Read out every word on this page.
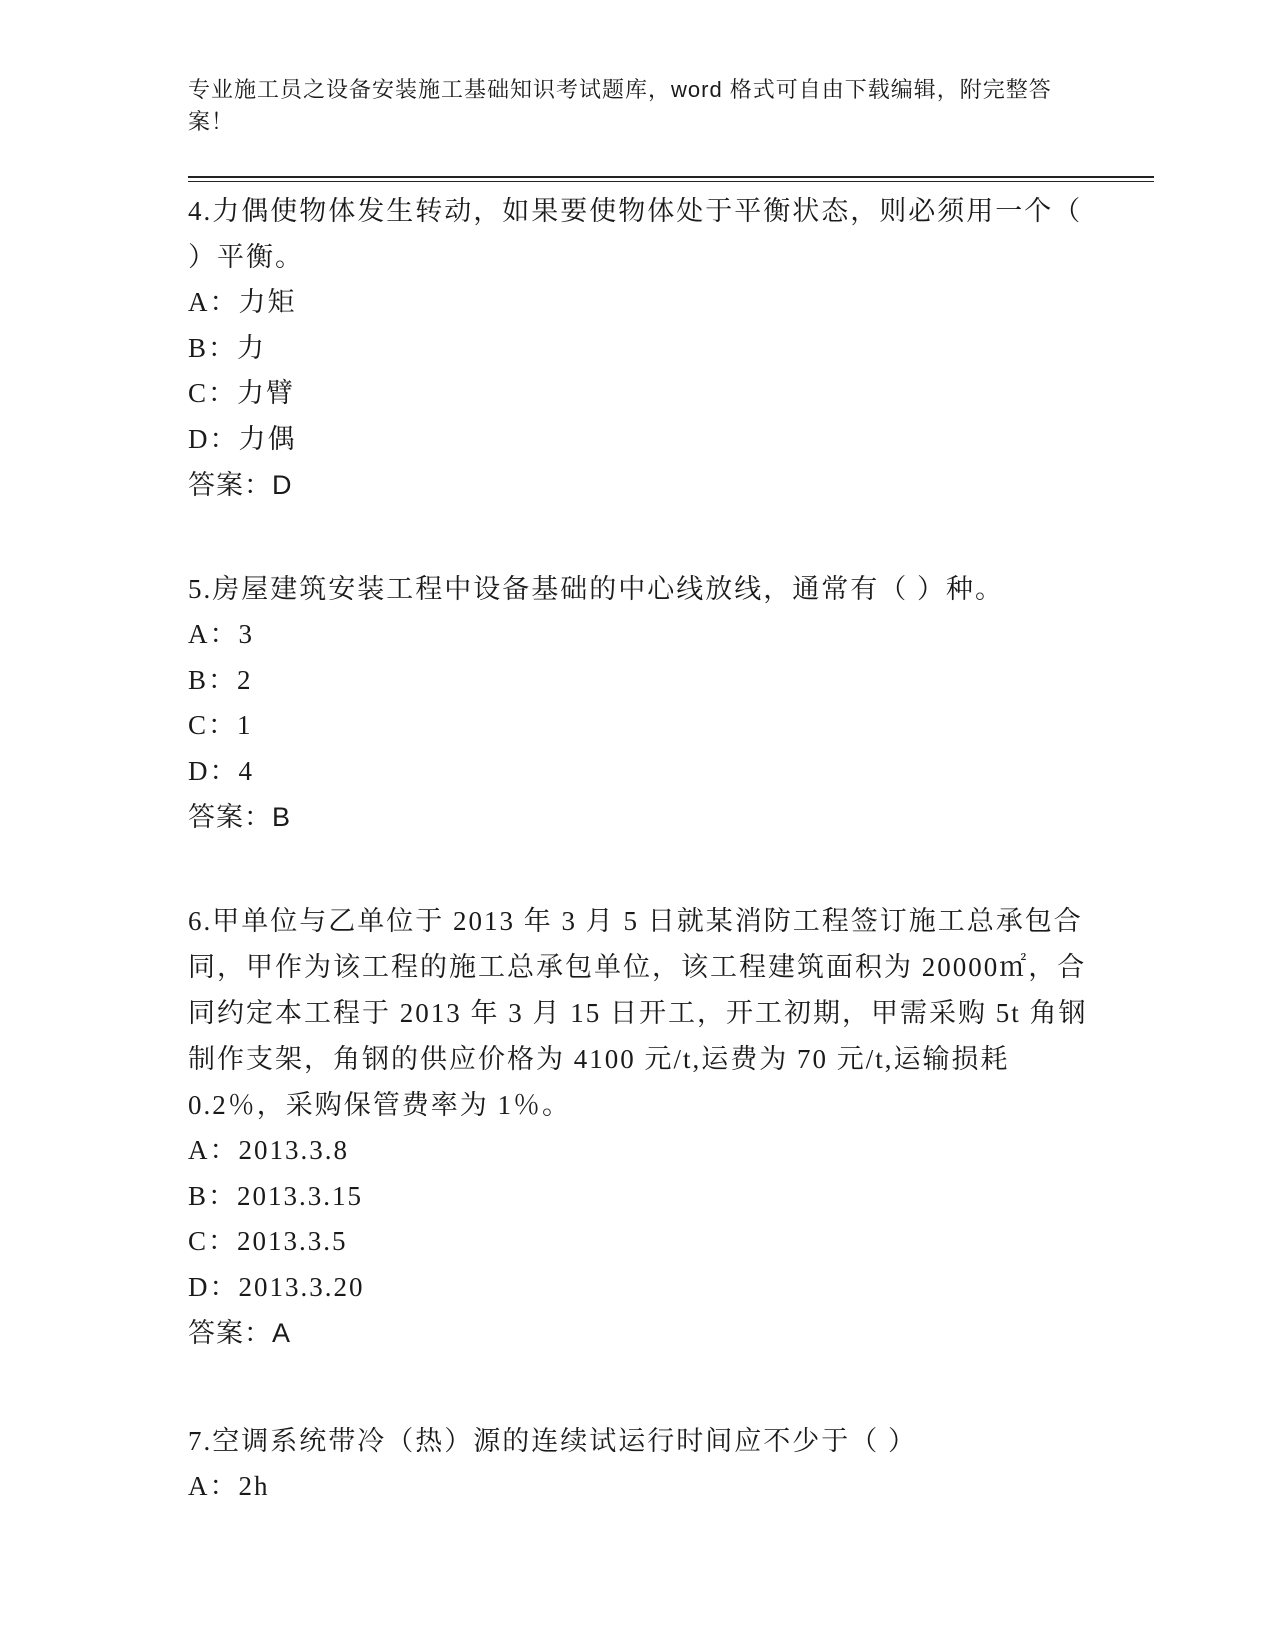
专业施工员之设备安装施工基础知识考试题库，word 格式可自由下载编辑，附完整答案！

4.力偶使物体发生转动，如果要使物体处于平衡状态，则必须用一个（ ）平衡。

A：力矩

B：力

C：力臂

D：力偶

答案：D

5.房屋建筑安装工程中设备基础的中心线放线，通常有（ ）种。

A：3

B：2

C：1

D：4

答案：B

6.甲单位与乙单位于 2013 年 3 月 5 日就某消防工程签订施工总承包合同，甲作为该工程的施工总承包单位，该工程建筑面积为 20000㎡，合同约定本工程于 2013 年 3 月 15 日开工，开工初期，甲需采购 5t 角钢制作支架，角钢的供应价格为 4100 元/t,运费为 70 元/t,运输损耗 0.2％，采购保管费率为 1％。

A：2013.3.8

B：2013.3.15

C：2013.3.5

D：2013.3.20

答案：A

7.空调系统带冷（热）源的连续试运行时间应不少于（ ）

A：2h
